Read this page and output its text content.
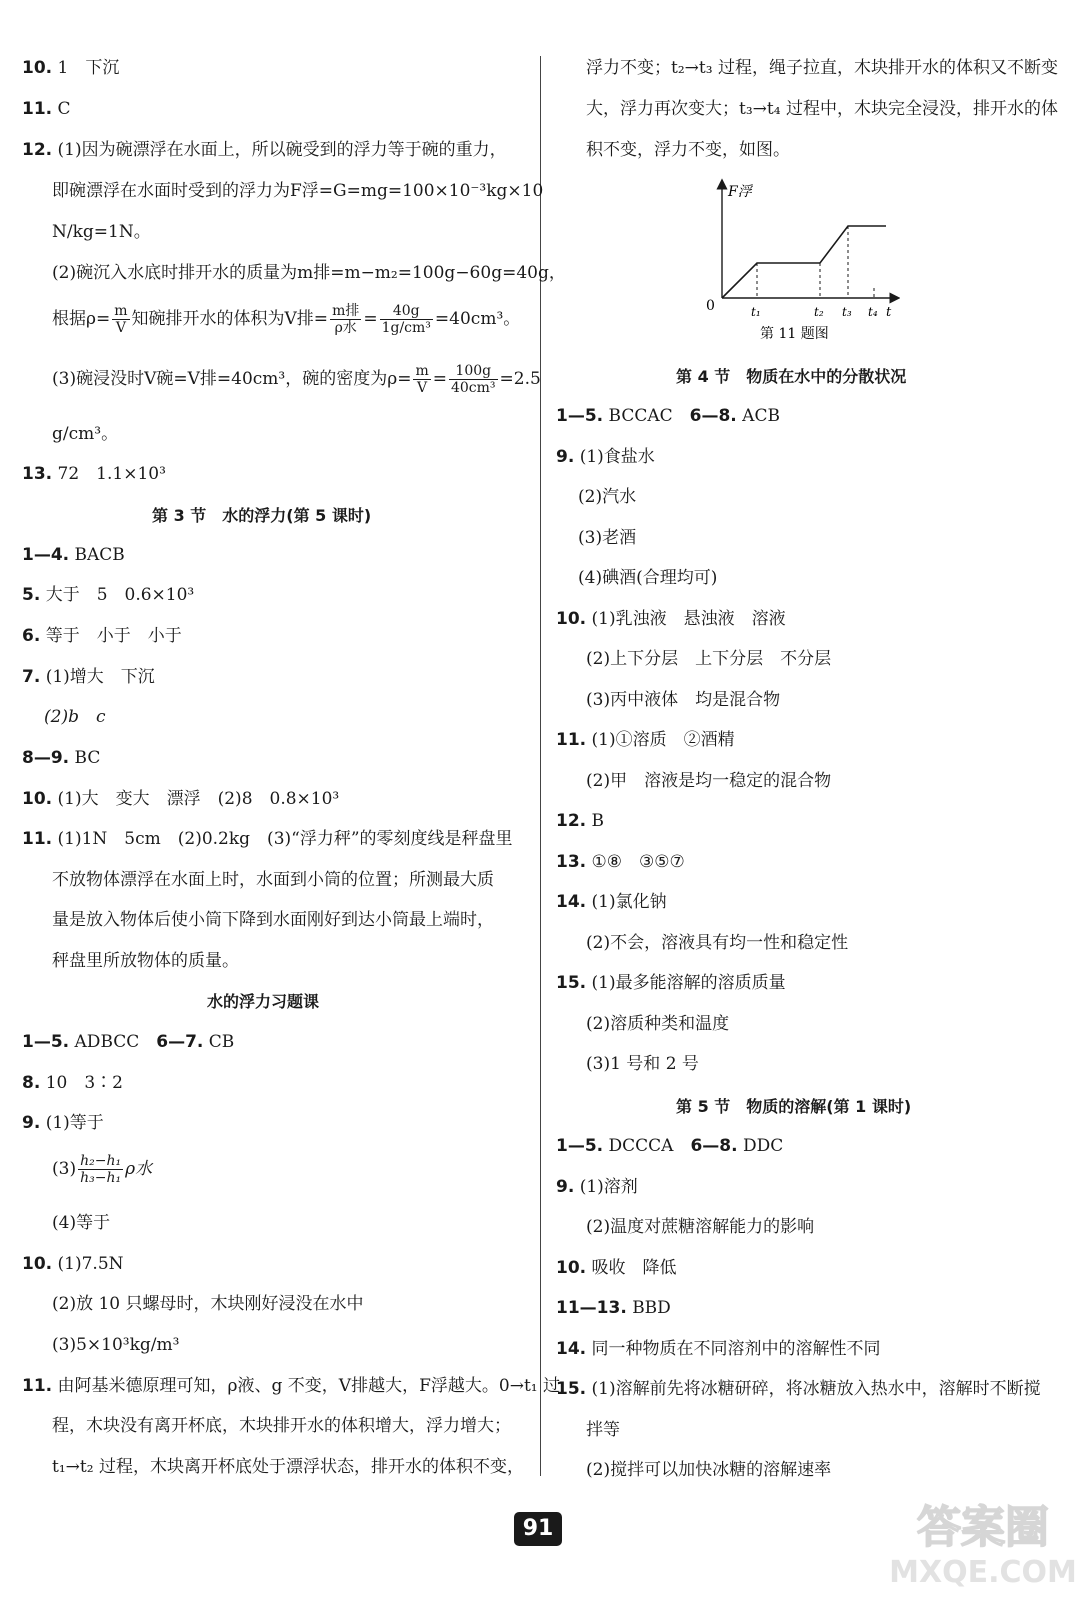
10. 1　下沉
11. C
12. (1)因为碗漂浮在水面上，所以碗受到的浮力等于碗的重力，
即碗漂浮在水面时受到的浮力为F浮=G=mg=100×10⁻³kg×10
N/kg=1N。
(2)碗沉入水底时排开水的质量为m排=m−m₂=100g−60g=40g，
根据$\rho= \frac{m}{V}$ 知碗排开水的体积为V排= $\frac{\text{m排}}{\text{ρ水}} = \frac{40g}{\text{1g/cm³}} =40cm^3$。
(3)碗浸没时V碗=V排=40cm³，碗的密度为$\rho= \frac{m}{V} = \frac{100g}{\text{40cm³}} =2.5$
g/cm³。
13. 72　1.1×10³
第 3 节　水的浮力(第 5 课时)
1—4. BACB
5. 大于　5　0.6×10³
6. 等于　小于　小于
7. (1)增大　下沉
(2)b　c
8—9. BC
10. (1)大　变大　漂浮　(2)8　0.8×10³
11. (1)1N　5cm　(2)0.2kg　(3)“浮力秤”的零刻度线是秤盘里
不放物体漂浮在水面上时，水面到小筒的位置；所测最大质
量是放入物体后使小筒下降到水面刚好到达小筒最上端时，
秤盘里所放物体的质量。
水的浮力习题课
1—5. ADBCC　 6—7. CB
8. 10　3∶2
9. (1)等于
$(3) \frac{\text{h₂−h₁}}{\text{h₃−h₁}}$ ρ水
(4)等于
10. (1)7.5N
(2)放 10 只螺母时，木块刚好浸没在水中
(3)5×10³kg/m³
11. 由阿基米德原理可知，ρ液、g 不变，V排越大，F浮越大。0→t₁ 过
程，木块没有离开杯底，木块排开水的体积增大，浮力增大；
t₁→t₂ 过程，木块离开杯底处于漂浮状态，排开水的体积不变，
浮力不变；t₂→t₃ 过程，绳子拉直，木块排开水的体积又不断变
大，浮力再次变大；t₃→t₄ 过程中，木块完全浸没，排开水的体
积不变，浮力不变，如图。
F浮
0	t
t₁	t₂ t₃ t₄
第 11 题图
第 4 节　物质在水中的分散状况
1—5. BCCAC　 6—8. ACB
9. (1)食盐水
(2)汽水
(3)老酒
(4)碘酒(合理均可)
10. (1)乳浊液　悬浊液　溶液
(2)上下分层　上下分层　不分层
(3)丙中液体　均是混合物
11. (1)①溶质　②酒精
(2)甲　溶液是均一稳定的混合物
12. B
13. ①⑧　③⑤⑦
14. (1)氯化钠
(2)不会，溶液具有均一性和稳定性
15. (1)最多能溶解的溶质质量
(2)溶质种类和温度
(3)1 号和 2 号
第 5 节　物质的溶解(第 1 课时)
1—5. DCCCA　 6—8. DDC
9. (1)溶剂
(2)温度对蔗糖溶解能力的影响
10. 吸收　降低
11—13. BBD
14. 同一种物质在不同溶剂中的溶解性不同
15. (1)溶解前先将冰糖研碎，将冰糖放入热水中，溶解时不断搅
拌等
(2)搅拌可以加快冰糖的溶解速率
91	答案圈
MXQE.COM
